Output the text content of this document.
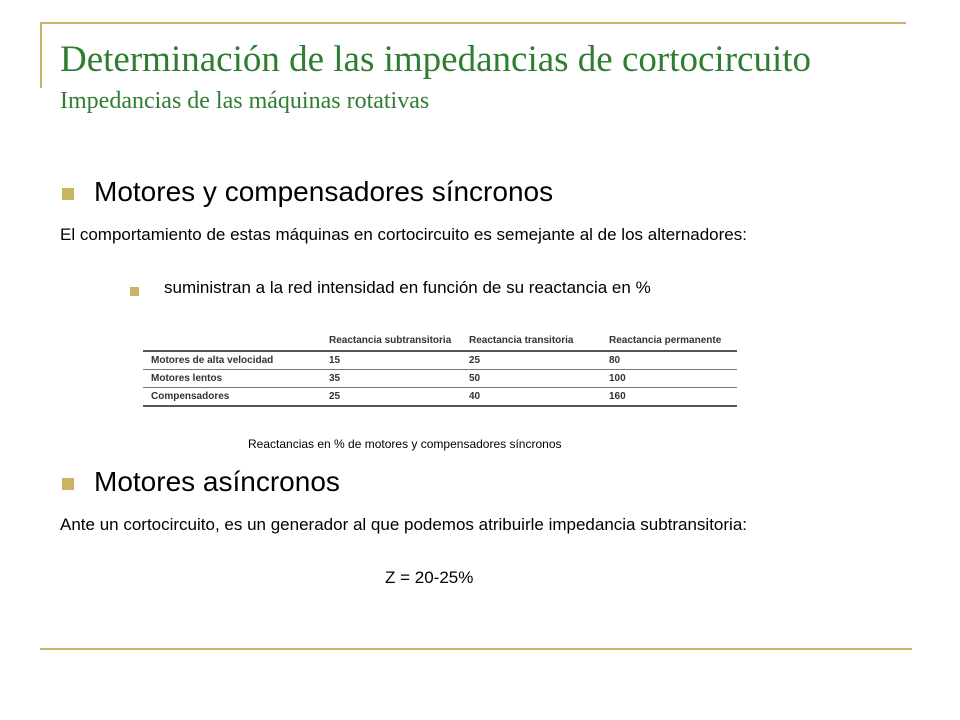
Determinación de las impedancias de cortocircuito
Impedancias de las máquinas rotativas
Motores y compensadores síncronos
El comportamiento de estas máquinas en cortocircuito es semejante al de los alternadores:
suministran a la red intensidad en función de su reactancia en %
	Reactancia subtransitoria	Reactancia transitoria	Reactancia permanente
Motores de alta velocidad	15	25	80
Motores lentos	35	50	100
Compensadores	25	40	160
Reactancias en % de motores y compensadores síncronos
Motores asíncronos
Ante un cortocircuito, es un generador al que podemos atribuirle impedancia subtransitoria:
Z = 20-25%
